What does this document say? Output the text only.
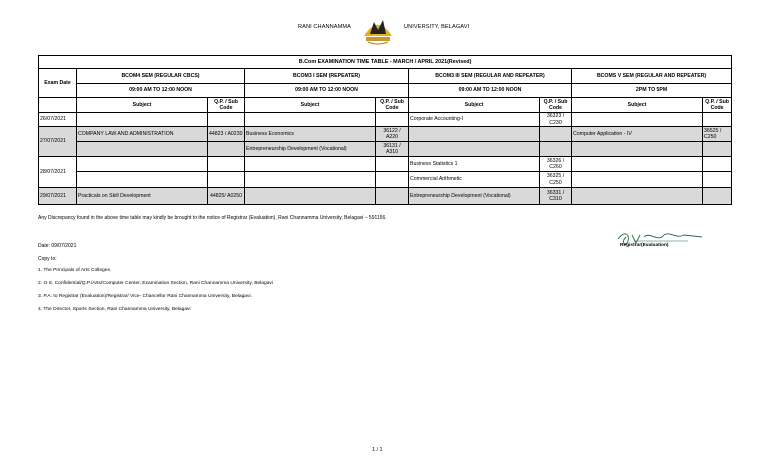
RANI CHANNAMMA	UNIVERSITY, BELAGAVI
B.Com EXAMINATION TIME TABLE - MARCH / APRIL 2021(Revised)								
Exam Date	BCOM4 SEM (REGULAR CBCS)		BCOM3 I SEM (REPEATER)		BCOM3 III SEM (REGULAR AND REPEATER)		BCOMS V SEM (REGULAR AND REPEATER)	
	09:00 AM TO 12:00 NOON		09:00 AM TO 12:00 NOON		09:00 AM TO 12:00 NOON		2PM TO 5PM	
	Subject	Q.P. / Sub Code	Subject	Q.P. / Sub Code	Subject	Q.P. / Sub Code	Subject	Q.P. / Sub Code
26/07/2021					Corporate Accounting-I	36323 / C230		
27/07/2021	COMPANY LAW AND ADMINISTRATION	44823 / A0230	Business Economics	36122 / A220			Computer Application - IV	36525 / C250
			Entrepreneurship Development (Vocational)	36131 / A310				
28/07/2021					Business Statistics 1	36326 / C260		
					Commercial Arithmetic	36325 / C250		
29/07/2021	Practicals on Skill Development	44825/ A0250			Entrepreneurship Development (Vocational)	36331 / C310		
Any Discrepancy found in the above time table may kindly be brought to the notice of Registrar (Evaluation), Rani Channamma University, Belagavi – 591156.
Date: 09/07/2021
Copy to:
1. The Principals of Arts Colleges.
2. O.S. Confidential/Q.P./Arts/Computer Center, Examination Section, Rani Channamma University, Belagavi
3. P.A. to Registrar (Evaluation)/Registrar/ Vice- Chancellor Rani Channamma University, Belagavi.
4. The Director, Sports Section, Rani Channamma University, Belagavi
Registrar(Evaluation)
1 / 1
